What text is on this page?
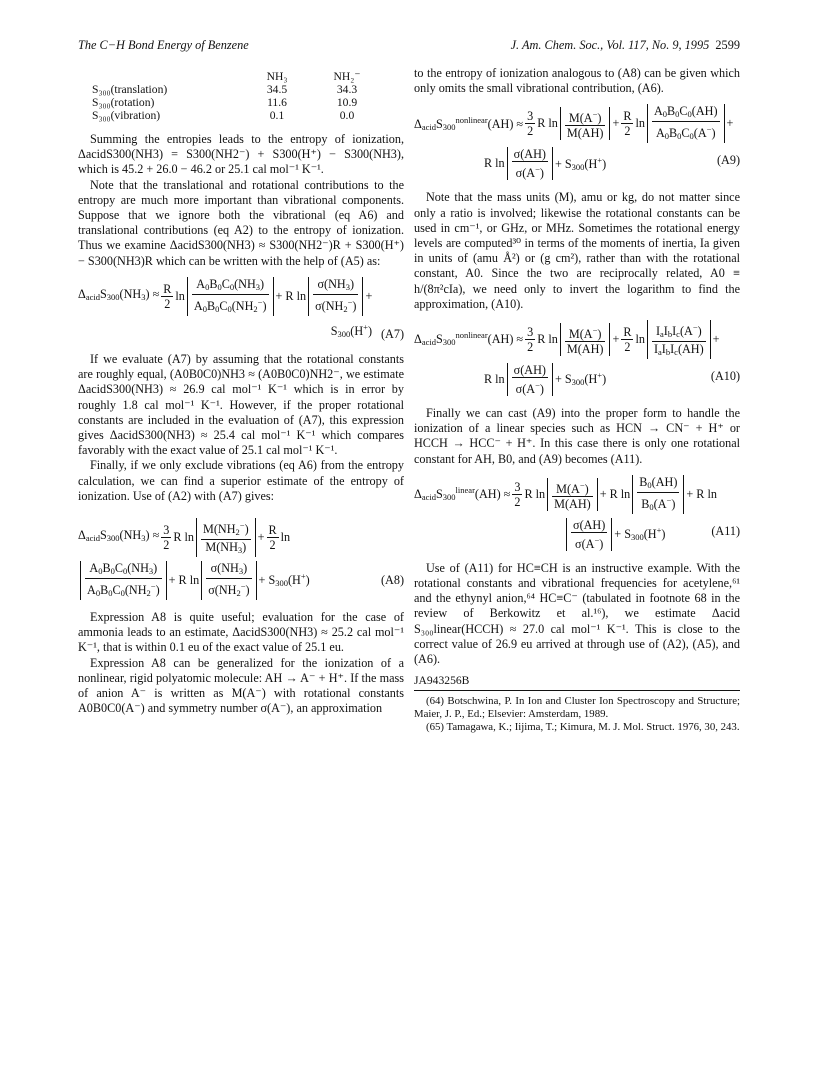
The C−H Bond Energy of Benzene	J. Am. Chem. Soc., Vol. 117, No. 9, 1995 2599
	NH₃	NH₂⁻
S₃₀₀(translation)	34.5	34.3
S₃₀₀(rotation)	11.6	10.9
S₃₀₀(vibration)	0.1	0.0

Summing the entropies leads to the entropy of ionization, ΔacidS300(NH3) = S300(NH2⁻) + S300(H⁺) − S300(NH3), which is 45.2 + 26.0 − 46.2 or 25.1 cal mol⁻¹ K⁻¹.

Note that the translational and rotational contributions to the entropy are much more important than vibrational components. Suppose that we ignore both the vibrational (eq A6) and translational contributions (eq A2) to the entropy of ionization. Thus we examine ΔacidS300(NH3) ≈ S300(NH2⁻)R + S300(H⁺) − S300(NH3)R which can be written with the help of (A5) as:

$\Delta_{acid}S_{300}(NH_3) \approx \frac{R}{2}$ $\ln \frac{A_0B_0C_0(NH_3)}{A_0B_0C_0(NH_2^-)} + R$ $\ln \frac{\sigma(NH_3)}{\sigma(NH_2^-)}$ +
$S_{300}(H^+)$ (A7)

If we evaluate (A7) by assuming that the rotational constants are roughly equal, (A0B0C0)NH3 ≈ (A0B0C0)NH2⁻, we estimate ΔacidS300(NH3) ≈ 26.9 cal mol⁻¹ K⁻¹ which is in error by roughly 1.8 cal mol⁻¹ K⁻¹. However, if the proper rotational constants are included in the evaluation of (A7), this expression gives ΔacidS300(NH3) ≈ 25.4 cal mol⁻¹ K⁻¹ which compares favorably with the exact value of 25.1 cal mol⁻¹ K⁻¹.

Finally, if we only exclude vibrations (eq A6) from the entropy calculation, we can find a superior estimate of the entropy of ionization. Use of (A2) with (A7) gives:

$\Delta_{acid}S_{300}(NH_3) \approx \frac{3}{2}$ R $\ln \frac{M(NH_2^-)}{M(NH_3)} + \frac{R}{2}$ ln
$\frac{A_0B_0C_0(NH_3)}{A_0B_0C_0(NH_2^-)} + R$ $\ln \frac{\sigma(NH_3)}{\sigma(NH_2^-)} + S_{300}(H^+)$	(A8)

Expression A8 is quite useful; evaluation for the case of ammonia leads to an estimate, ΔacidS300(NH3) ≈ 25.2 cal mol⁻¹ K⁻¹, that is within 0.1 eu of the exact value of 25.1 eu.

Expression A8 can be generalized for the ionization of a nonlinear, rigid polyatomic molecule: AH → A⁻ + H⁺. If the mass of anion A⁻ is written as M(A⁻) with rotational constants A0B0C0(A⁻) and symmetry number σ(A⁻), an approximation

to the entropy of ionization analogous to (A8) can be given which only omits the small vibrational contribution, (A6).

$\Delta_{acid}S_{300}^{nonlinear}(AH) \approx \frac{3}{2}$ R $\ln \frac{M(A^-)}{M(AH)} + \frac{R}{2}$ $\ln \frac{A_0B_0C_0(AH)}{A_0B_0C_0(A^-)}$ +
R $\ln \frac{\sigma(AH)}{\sigma(A^-)} + S_{300}(H^+)$	(A9)

Note that the mass units (M), amu or kg, do not matter since only a ratio is involved; likewise the rotational constants can be used in cm⁻¹, or GHz, or MHz. Sometimes the rotational energy levels are computed³⁰ in terms of the moments of inertia, Ia given in units of (amu Å²) or (g cm²), rather than with the rotational constant, A0. Since the two are reciprocally related, A0 ≡ h/(8π²cIa), we need only to invert the logarithm to find the approximation, (A10).

$\Delta_{acid}S_{300}^{nonlinear}(AH) \approx \frac{3}{2}$ R $\ln \frac{M(A^-)}{M(AH)} + \frac{R}{2}$ $\ln \frac{I_aI_bI_c(A^-)}{I_aI_bI_c(AH)}$ +
R $\ln \frac{\sigma(AH)}{\sigma(A^-)} + S_{300}(H^+)$	(A10)

Finally we can cast (A9) into the proper form to handle the ionization of a linear species such as HCN → CN⁻ + H⁺ or HCCH → HCC⁻ + H⁺. In this case there is only one rotational constant for AH, B0, and (A9) becomes (A11).

$\Delta_{acid}S_{300}^{linear}(AH) \approx \frac{3}{2}$ R $\ln \frac{M(A^-)}{M(AH)} + R$ $\ln \frac{B_0(AH)}{B_0(A^-)} + R$ ln
$\frac{\sigma(AH)}{\sigma(A^-)} + S_{300}(H^+)$	(A11)

Use of (A11) for HC≡CH is an instructive example. With the rotational constants and vibrational frequencies for acetylene,⁶¹ and the ethynyl anion,⁶⁴ HC≡C⁻ (tabulated in footnote 68 in the review of Berkowitz et al.¹⁶), we estimate Δacid S₃₀₀linear(HCCH) ≈ 27.0 cal mol⁻¹ K⁻¹. This is close to the correct value of 26.9 eu arrived at through use of (A2), (A5), and (A6).

JA943256B

(64) Botschwina, P. In Ion and Cluster Ion Spectroscopy and Structure; Maier, J. P., Ed.; Elsevier: Amsterdam, 1989.

(65) Tamagawa, K.; Iijima, T.; Kimura, M. J. Mol. Struct. 1976, 30, 243.
